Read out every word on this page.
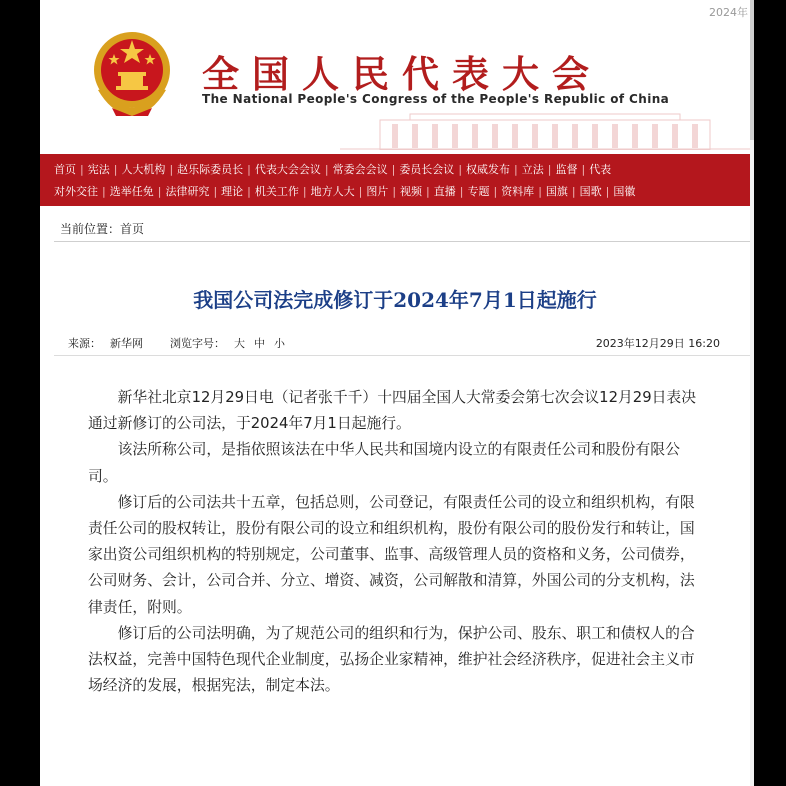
2024年
全国人民代表大会
The National People's Congress of the People's Republic of China
首页 | 宪法 | 人大机构 | 赵乐际委员长 | 代表大会会议 | 常委会会议 | 委员长会议 | 权威发布 | 立法 | 监督 | 代表
对外交往 | 选举任免 | 法律研究 | 理论 | 机关工作 | 地方人大 | 图片 | 视频 | 直播 | 专题 | 资料库 | 国旗 | 国歌 | 国徽
当前位置：首页
我国公司法完成修订于2024年7月1日起施行
来源： 新华网 浏览字号： 大 中 小	2023年12月29日 16:20

新华社北京12月29日电（记者张千千）十四届全国人大常委会第七次会议12月29日表决通过新修订的公司法，于2024年7月1日起施行。

该法所称公司，是指依照该法在中华人民共和国境内设立的有限责任公司和股份有限公司。

修订后的公司法共十五章，包括总则，公司登记，有限责任公司的设立和组织机构，有限责任公司的股权转让，股份有限公司的设立和组织机构，股份有限公司的股份发行和转让，国家出资公司组织机构的特别规定，公司董事、监事、高级管理人员的资格和义务，公司债券，公司财务、会计，公司合并、分立、增资、减资，公司解散和清算，外国公司的分支机构，法律责任，附则。

修订后的公司法明确，为了规范公司的组织和行为，保护公司、股东、职工和债权人的合法权益，完善中国特色现代企业制度，弘扬企业家精神，维护社会经济秩序，促进社会主义市场经济的发展，根据宪法，制定本法。
